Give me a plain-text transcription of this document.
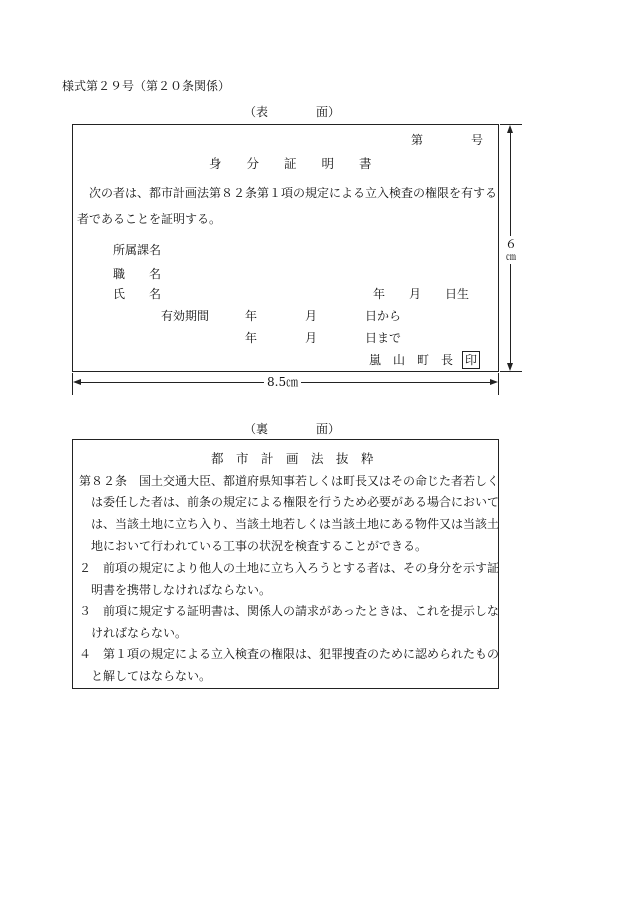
様式第２９号（第２０条関係）
（表　　　　面）
第　　　　号
身　　分　　証　　明　　書
次の者は、都市計画法第８２条第１項の規定による立入検査の権限を有する
者であることを証明する。
所属課名
職　　名
氏　　名	年　　月　　日生
有効期間	年　　　　月　　　　日から
年　　　　月　　　　日まで
嵐　山　町　長 印
６
㎝
8.5㎝
（裏　　　　面）
都　市　計　画　法　抜　粋
第８２条　国土交通大臣、都道府県知事若しくは町長又はその命じた者若しく
は委任した者は、前条の規定による権限を行うため必要がある場合において
は、当該土地に立ち入り、当該土地若しくは当該土地にある物件又は当該土
地において行われている工事の状況を検査することができる。
２　前項の規定により他人の土地に立ち入ろうとする者は、その身分を示す証
明書を携帯しなければならない。
３　前項に規定する証明書は、関係人の請求があったときは、これを提示しな
ければならない。
４　第１項の規定による立入検査の権限は、犯罪捜査のために認められたもの
と解してはならない。
